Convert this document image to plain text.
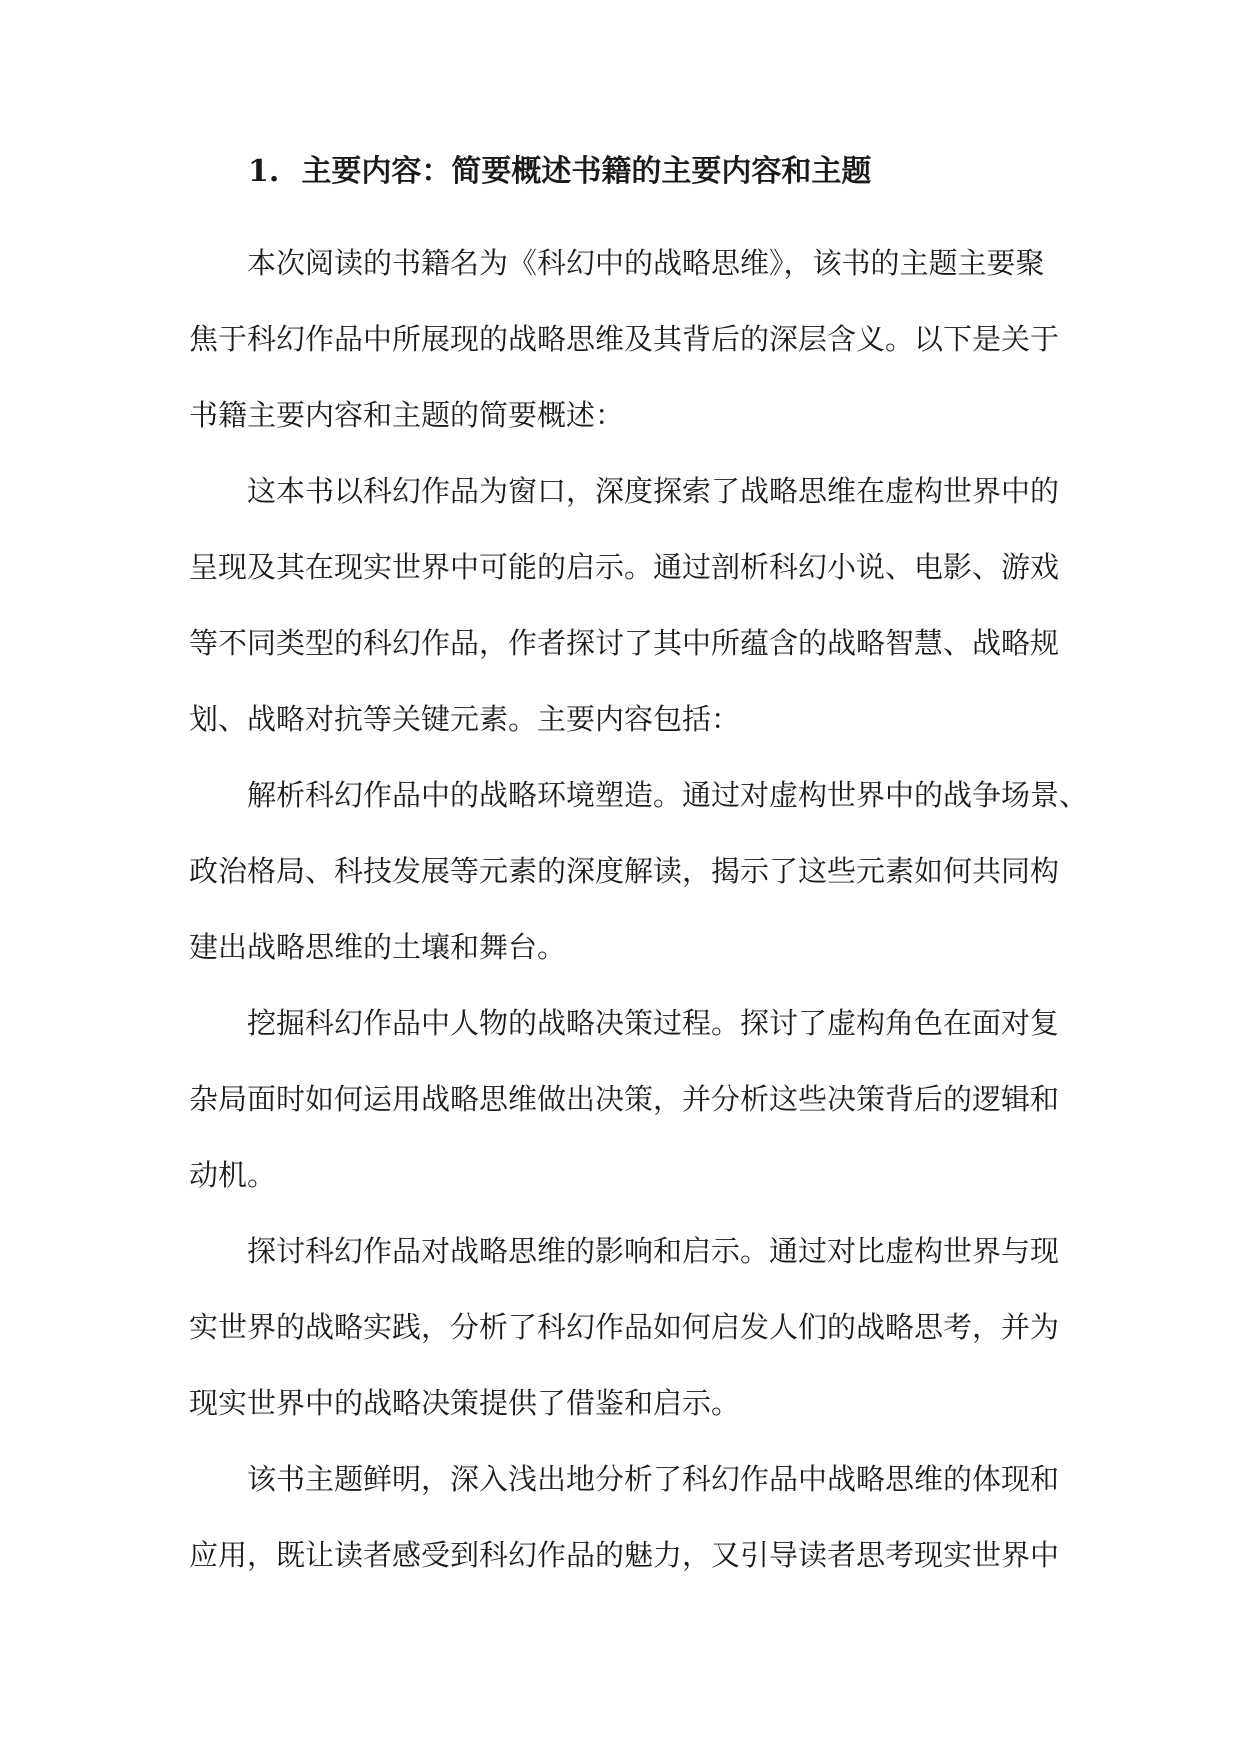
1. 主要内容：简要概述书籍的主要内容和主题

本次阅读的书籍名为《科幻中的战略思维》，该书的主题主要聚
焦于科幻作品中所展现的战略思维及其背后的深层含义。以下是关于
书籍主要内容和主题的简要概述：

这本书以科幻作品为窗口，深度探索了战略思维在虚构世界中的
呈现及其在现实世界中可能的启示。通过剖析科幻小说、电影、游戏
等不同类型的科幻作品，作者探讨了其中所蕴含的战略智慧、战略规
划、战略对抗等关键元素。主要内容包括：

解析科幻作品中的战略环境塑造。通过对虚构世界中的战争场景、
政治格局、科技发展等元素的深度解读，揭示了这些元素如何共同构
建出战略思维的土壤和舞台。

挖掘科幻作品中人物的战略决策过程。探讨了虚构角色在面对复
杂局面时如何运用战略思维做出决策，并分析这些决策背后的逻辑和
动机。

探讨科幻作品对战略思维的影响和启示。通过对比虚构世界与现
实世界的战略实践，分析了科幻作品如何启发人们的战略思考，并为
现实世界中的战略决策提供了借鉴和启示。

该书主题鲜明，深入浅出地分析了科幻作品中战略思维的体现和
应用，既让读者感受到科幻作品的魅力，又引导读者思考现实世界中
